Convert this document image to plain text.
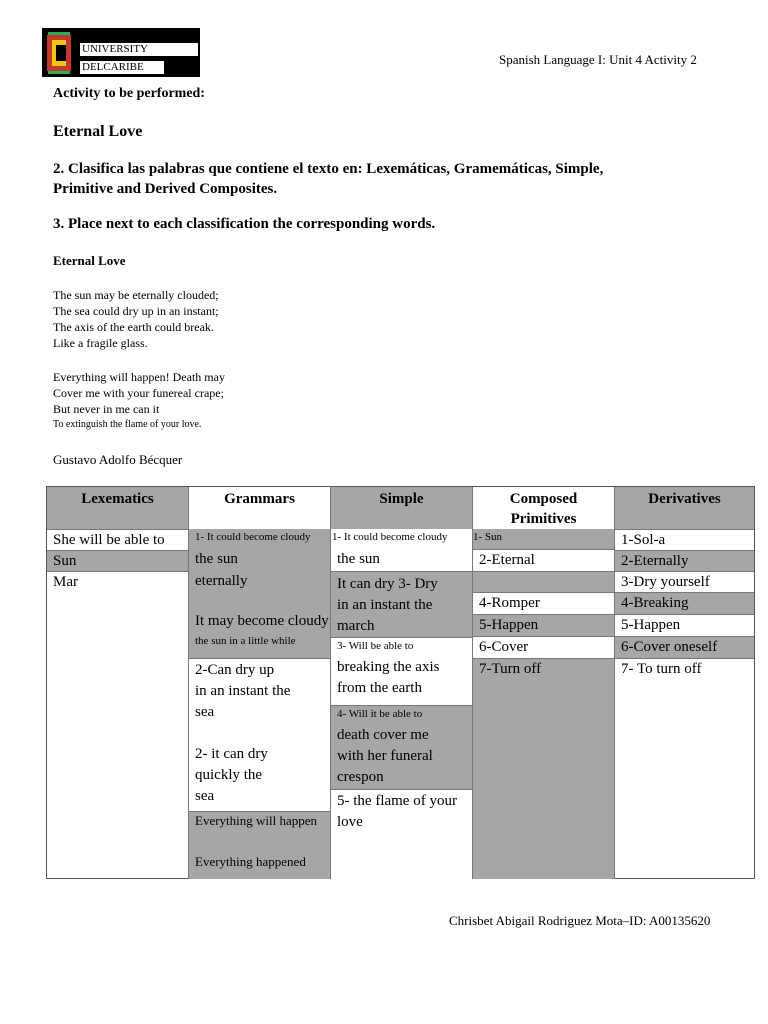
UNIVERSITY
DELCARIBE	Spanish Language I: Unit 4 Activity 2
Activity to be performed:
Eternal Love
2. Clasifica las palabras que contiene el texto en: Lexemáticas, Gramemáticas, Simple, Primitive and Derived Composites.
3. Place next to each classification the corresponding words.
Eternal Love
The sun may be eternally clouded;
The sea could dry up in an instant;
The axis of the earth could break.
Like a fragile glass.
Everything will happen! Death may
Cover me with your funereal crape;
But never in me can it
To extinguish the flame of your love.
Gustavo Adolfo Bécquer
Lexematics
She will be able to
Sun
Mar
Grammars
1- It could become cloudy
the sun
eternally
It may become cloudy
the sun in a little while
2-Can dry up
in an instant the
sea
2- it can dry
quickly the
sea
Everything will happen
Everything happened
Simple
1- It could become cloudy
the sun
It can dry 3- Dry
in an instant the
march
3- Will be able to
breaking the axis
from the earth
4- Will it be able to
death cover me
with her funeral
crespon
5- the flame of your
love
Composed Primitives
1- Sun
2-Eternal
4-Romper
5-Happen
6-Cover
7-Turn off
Derivatives
1-Sol-a
2-Eternally
3-Dry yourself
4-Breaking
5-Happen
6-Cover oneself
7- To turn off
Chrisbet Abigail Rodriguez Mota–ID: A00135620
